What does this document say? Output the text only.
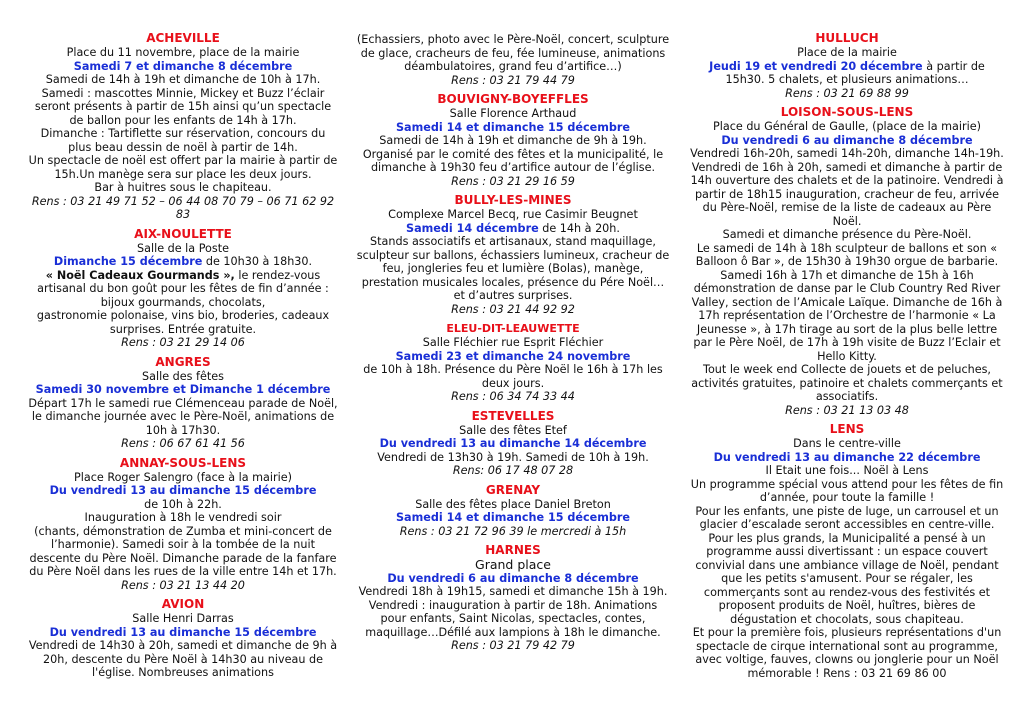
ACHEVILLE
Place du 11 novembre, place de la mairie
Samedi 7 et dimanche 8 décembre
Samedi de 14h à 19h et dimanche de 10h à 17h.
Samedi : mascottes Minnie, Mickey et Buzz l’éclair seront présents à partir de 15h ainsi qu’un spectacle de ballon pour les enfants de 14h à 17h.
Dimanche : Tartiflette sur réservation, concours du plus beau dessin de noël à partir de 14h.
Un spectacle de noël est offert par la mairie à partir de 15h.Un manège sera sur place les deux jours.
Bar à huitres sous le chapiteau.
Rens : 03 21 49 71 52 – 06 44 08 70 79 – 06 71 62 92 83
AIX-NOULETTE
Salle de la Poste
Dimanche 15 décembre de 10h30 à 18h30.
« Noël Cadeaux Gourmands », le rendez-vous artisanal du bon goût pour les fêtes de fin d’année : bijoux gourmands, chocolats,
gastronomie polonaise, vins bio, broderies, cadeaux surprises. Entrée gratuite.
Rens : 03 21 29 14 06
ANGRES
Salle des fêtes
Samedi 30 novembre et Dimanche 1 décembre
Départ 17h le samedi rue Clémenceau parade de Noël, le dimanche journée avec le Père-Noël, animations de 10h à 17h30.
Rens : 06 67 61 41 56
ANNAY-SOUS-LENS
Place Roger Salengro (face à la mairie)
Du vendredi 13 au dimanche 15 décembre
de 10h à 22h.
Inauguration à 18h le vendredi soir
(chants, démonstration de Zumba et mini-concert de l’harmonie). Samedi soir à la tombée de la nuit descente du Père Noël. Dimanche parade de la fanfare du Père Noël dans les rues de la ville entre 14h et 17h.
Rens : 03 21 13 44 20
AVION
Salle Henri Darras
Du vendredi 13 au dimanche 15 décembre
Vendredi de 14h30 à 20h, samedi et dimanche de 9h à 20h, descente du Père Noël à 14h30 au niveau de l'église. Nombreuses animations
(Echassiers, photo avec le Père-Noël, concert, sculpture de glace, cracheurs de feu, fée lumineuse, animations déambulatoires, grand feu d’artifice…)
Rens : 03 21 79 44 79
BOUVIGNY-BOYEFFLES
Salle Florence Arthaud
Samedi 14 et dimanche 15 décembre
Samedi de 14h à 19h et dimanche de 9h à 19h.
Organisé par le comité des fêtes et la municipalité, le dimanche à 19h30 feu d’artifice autour de l’église.
Rens : 03 21 29 16 59
BULLY-LES-MINES
Complexe Marcel Becq, rue Casimir Beugnet
Samedi 14 décembre de 14h à 20h.
Stands associatifs et artisanaux, stand maquillage, sculpteur sur ballons, échassiers lumineux, cracheur de feu, jongleries feu et lumière (Bolas), manège, prestation musicales locales, présence du Pére Noël… et d’autres surprises.
Rens : 03 21 44 92 92
ELEU-DIT-LEAUWETTE
Salle Fléchier rue Esprit Fléchier
Samedi 23 et dimanche 24 novembre
de 10h à 18h. Présence du Père Noël le 16h à 17h les deux jours.
Rens : 06 34 74 33 44
ESTEVELLES
Salle des fêtes Etef
Du vendredi 13 au dimanche 14 décembre
Vendredi de 13h30 à 19h. Samedi de 10h à 19h.
Rens: 06 17 48 07 28
GRENAY
Salle des fêtes place Daniel Breton
Samedi 14 et dimanche 15 décembre
Rens : 03 21 72 96 39 le mercredi à 15h
HARNES
Grand place
Du vendredi 6 au dimanche 8 décembre
Vendredi 18h à 19h15, samedi et dimanche 15h à 19h. Vendredi : inauguration à partir de 18h. Animations pour enfants, Saint Nicolas, spectacles, contes, maquillage…Défilé aux lampions à 18h le dimanche.
Rens : 03 21 79 42 79
HULLUCH
Place de la mairie
Jeudi 19 et vendredi 20 décembre à partir de 15h30. 5 chalets, et plusieurs animations…
Rens : 03 21 69 88 99
LOISON-SOUS-LENS
Place du Général de Gaulle, (place de la mairie)
Du vendredi 6 au dimanche 8 décembre
Vendredi 16h-20h, samedi 14h-20h, dimanche 14h-19h.
Vendredi de 16h à 20h, samedi et dimanche à partir de 14h ouverture des chalets et de la patinoire. Vendredi à partir de 18h15 inauguration, cracheur de feu, arrivée du Père-Noël, remise de la liste de cadeaux au Père Noël.
Samedi et dimanche présence du Père-Noël.
Le samedi de 14h à 18h sculpteur de ballons et son « Balloon ô Bar », de 15h30 à 19h30 orgue de barbarie. Samedi 16h à 17h et dimanche de 15h à 16h démonstration de danse par le Club Country Red River Valley, section de l’Amicale Laïque. Dimanche de 16h à 17h représentation de l’Orchestre de l’harmonie « La Jeunesse », à 17h tirage au sort de la plus belle lettre par le Père Noël, de 17h à 19h visite de Buzz l’Eclair et Hello Kitty.
Tout le week end Collecte de jouets et de peluches, activités gratuites, patinoire et chalets commerçants et associatifs.
Rens : 03 21 13 03 48
LENS
Dans le centre-ville
Du vendredi 13 au dimanche 22 décembre
Il Etait une fois... Noël à Lens
Un programme spécial vous attend pour les fêtes de fin d’année, pour toute la famille !
Pour les enfants, une piste de luge, un carrousel et un glacier d’escalade seront accessibles en centre-ville. Pour les plus grands, la Municipalité a pensé à un programme aussi divertissant : un espace couvert convivial dans une ambiance village de Noël, pendant que les petits s'amusent. Pour se régaler, les commerçants sont au rendez-vous des festivités et proposent produits de Noël, huîtres, bières de dégustation et chocolats, sous chapiteau.
Et pour la première fois, plusieurs représentations d'un spectacle de cirque international sont au programme, avec voltige, fauves, clowns ou jonglerie pour un Noël mémorable ! Rens : 03 21 69 86 00
